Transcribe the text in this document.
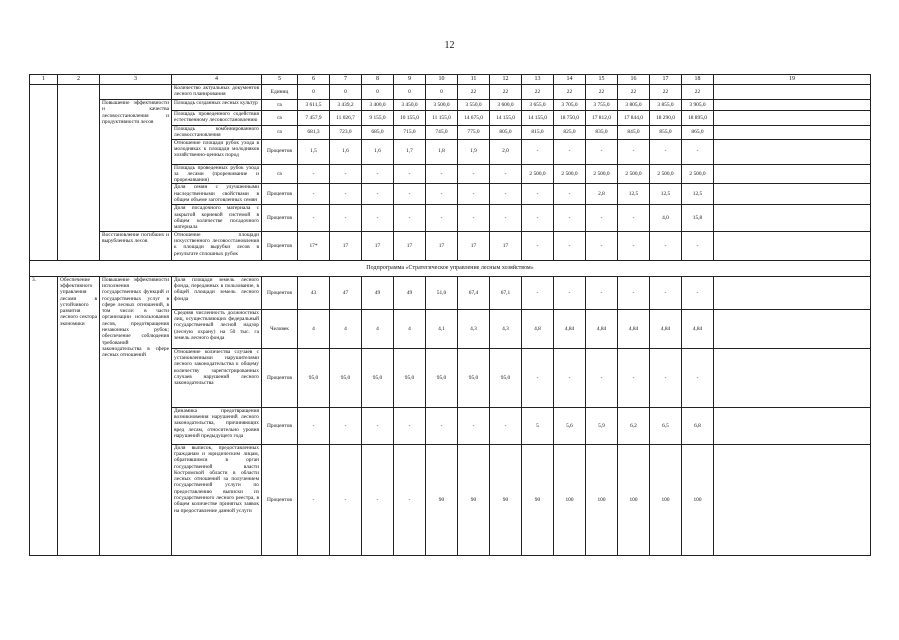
12
1	2	3	4	5	6	7	8	9	10	11	12	13	14	15	16	17	18	19
			Количество актуальных документов лесного планирования	Единиц	0	0	0	0	0	22	22	22	22	22	22	22	22	
		Повышение эффективности и качества лесовосстановления и продуктивности лесов	Площадь созданных лесных культур	га	3 611,5	3 439,2	3 400,0	3 450,0	3 500,0	3 550,0	3 600,0	3 655,0	3 705,0	3 755,0	3 805,0	3 855,0	3 905,0	
			Площадь проведенного содействия естественному лесовосстановлению	га	7 457,9	11 026,7	9 155,0	10 155,0	11 155,0	14 675,0	14 155,0	14 155,0	18 750,0	17 812,0	17 844,0	18 290,0	18 895,0	
			Площадь комбинированного лесовосстановления	га	681,3	723,0	685,0	715,0	745,0	775,0	805,0	815,0	825,0	835,0	845,0	855,0	865,0	
			Отношение площади рубок ухода в молодняках к площади молодняков хозяйственно-ценных пород	Процентов	1,5	1,6	1,6	1,7	1,8	1,9	2,0	-	-	-	-	-	-	
			Площадь проведенных рубок ухода за лесами (прореживание и прореживания)	га	-	-	-	-	-	-	-	2 500,0	2 500,0	2 500,0	2 500,0	2 500,0	2 500,0	
			Доля семян с улучшенными наследственными свойствами в общем объеме заготовленных семян	Процентов	-	-	-	-	-	-	-	-	-	2,8	12,5	12,5	12,5	
			Доля посадочного материала с закрытой корневой системой в общем количестве посадочного материала	Процентов	-	-	-	-	-	-	-	-	-	-	-	4,0	15,8	
		Восстановление погибших и вырубленных лесов	Отношение площади искусственного лесовосстановления к площади вырубки лесов в результате сплошных рубок	Процентов	17*	17	17	17	17	17	17	-	-	-	-	-	-	
Подпрограмма «Стратегическое управление лесным хозяйством»																		
3.	Обеспечение эффективного управления лесами в устойчивого развития лесного сектора экономики	Повышение эффективности исполнения государственных функций и государственных услуг в сфере лесных отношений, в том числе: в части организации использования лесов, предотвращения незаконных рубок; обеспечение соблюдения требований законодательства в сфере лесных отношений	Доля площади земель лесного фонда, переданных в пользование, в общей площади земель лесного фонда	Процентов	43	47	49	49	51,0	67,4	67,1	-	-	-	-	-	-	
			Средняя численность должностных лиц, осуществляющих федеральный государственный лесной надзор (лесную охрану) на 50 тыс. га земель лесного фонда	Человек	4	4	4	4	4,1	4,3	4,3	4,8	4,84	4,84	4,84	4,84	4,84	
			Отношение количества случаев с установленными нарушителями лесного законодательства к общему количеству зарегистрированных случаев нарушений лесного законодательства	Процентов	95,0	95,0	95,0	95,0	95,0	95,0	95,0	-	-	-	-	-	-	
			Динамика предотвращения возникновения нарушений лесного законодательства, причиняющих вред лесам, относительно уровня нарушений предыдущего года	Процентов	-	-	-	-	-	-	-	5	5,6	5,9	6,2	6,5	6,8	
			Доля выписок, предоставленных гражданам и юридическим лицам, обратившимся в орган государственной власти Костромской области в области лесных отношений за получением государственной услуги по предоставлению выписки из государственного лесного реестра, в общем количестве принятых заявок на предоставление данной услуги	Процентов	-	-	-	-	90	90	90	90	100	100	100	100	100	
